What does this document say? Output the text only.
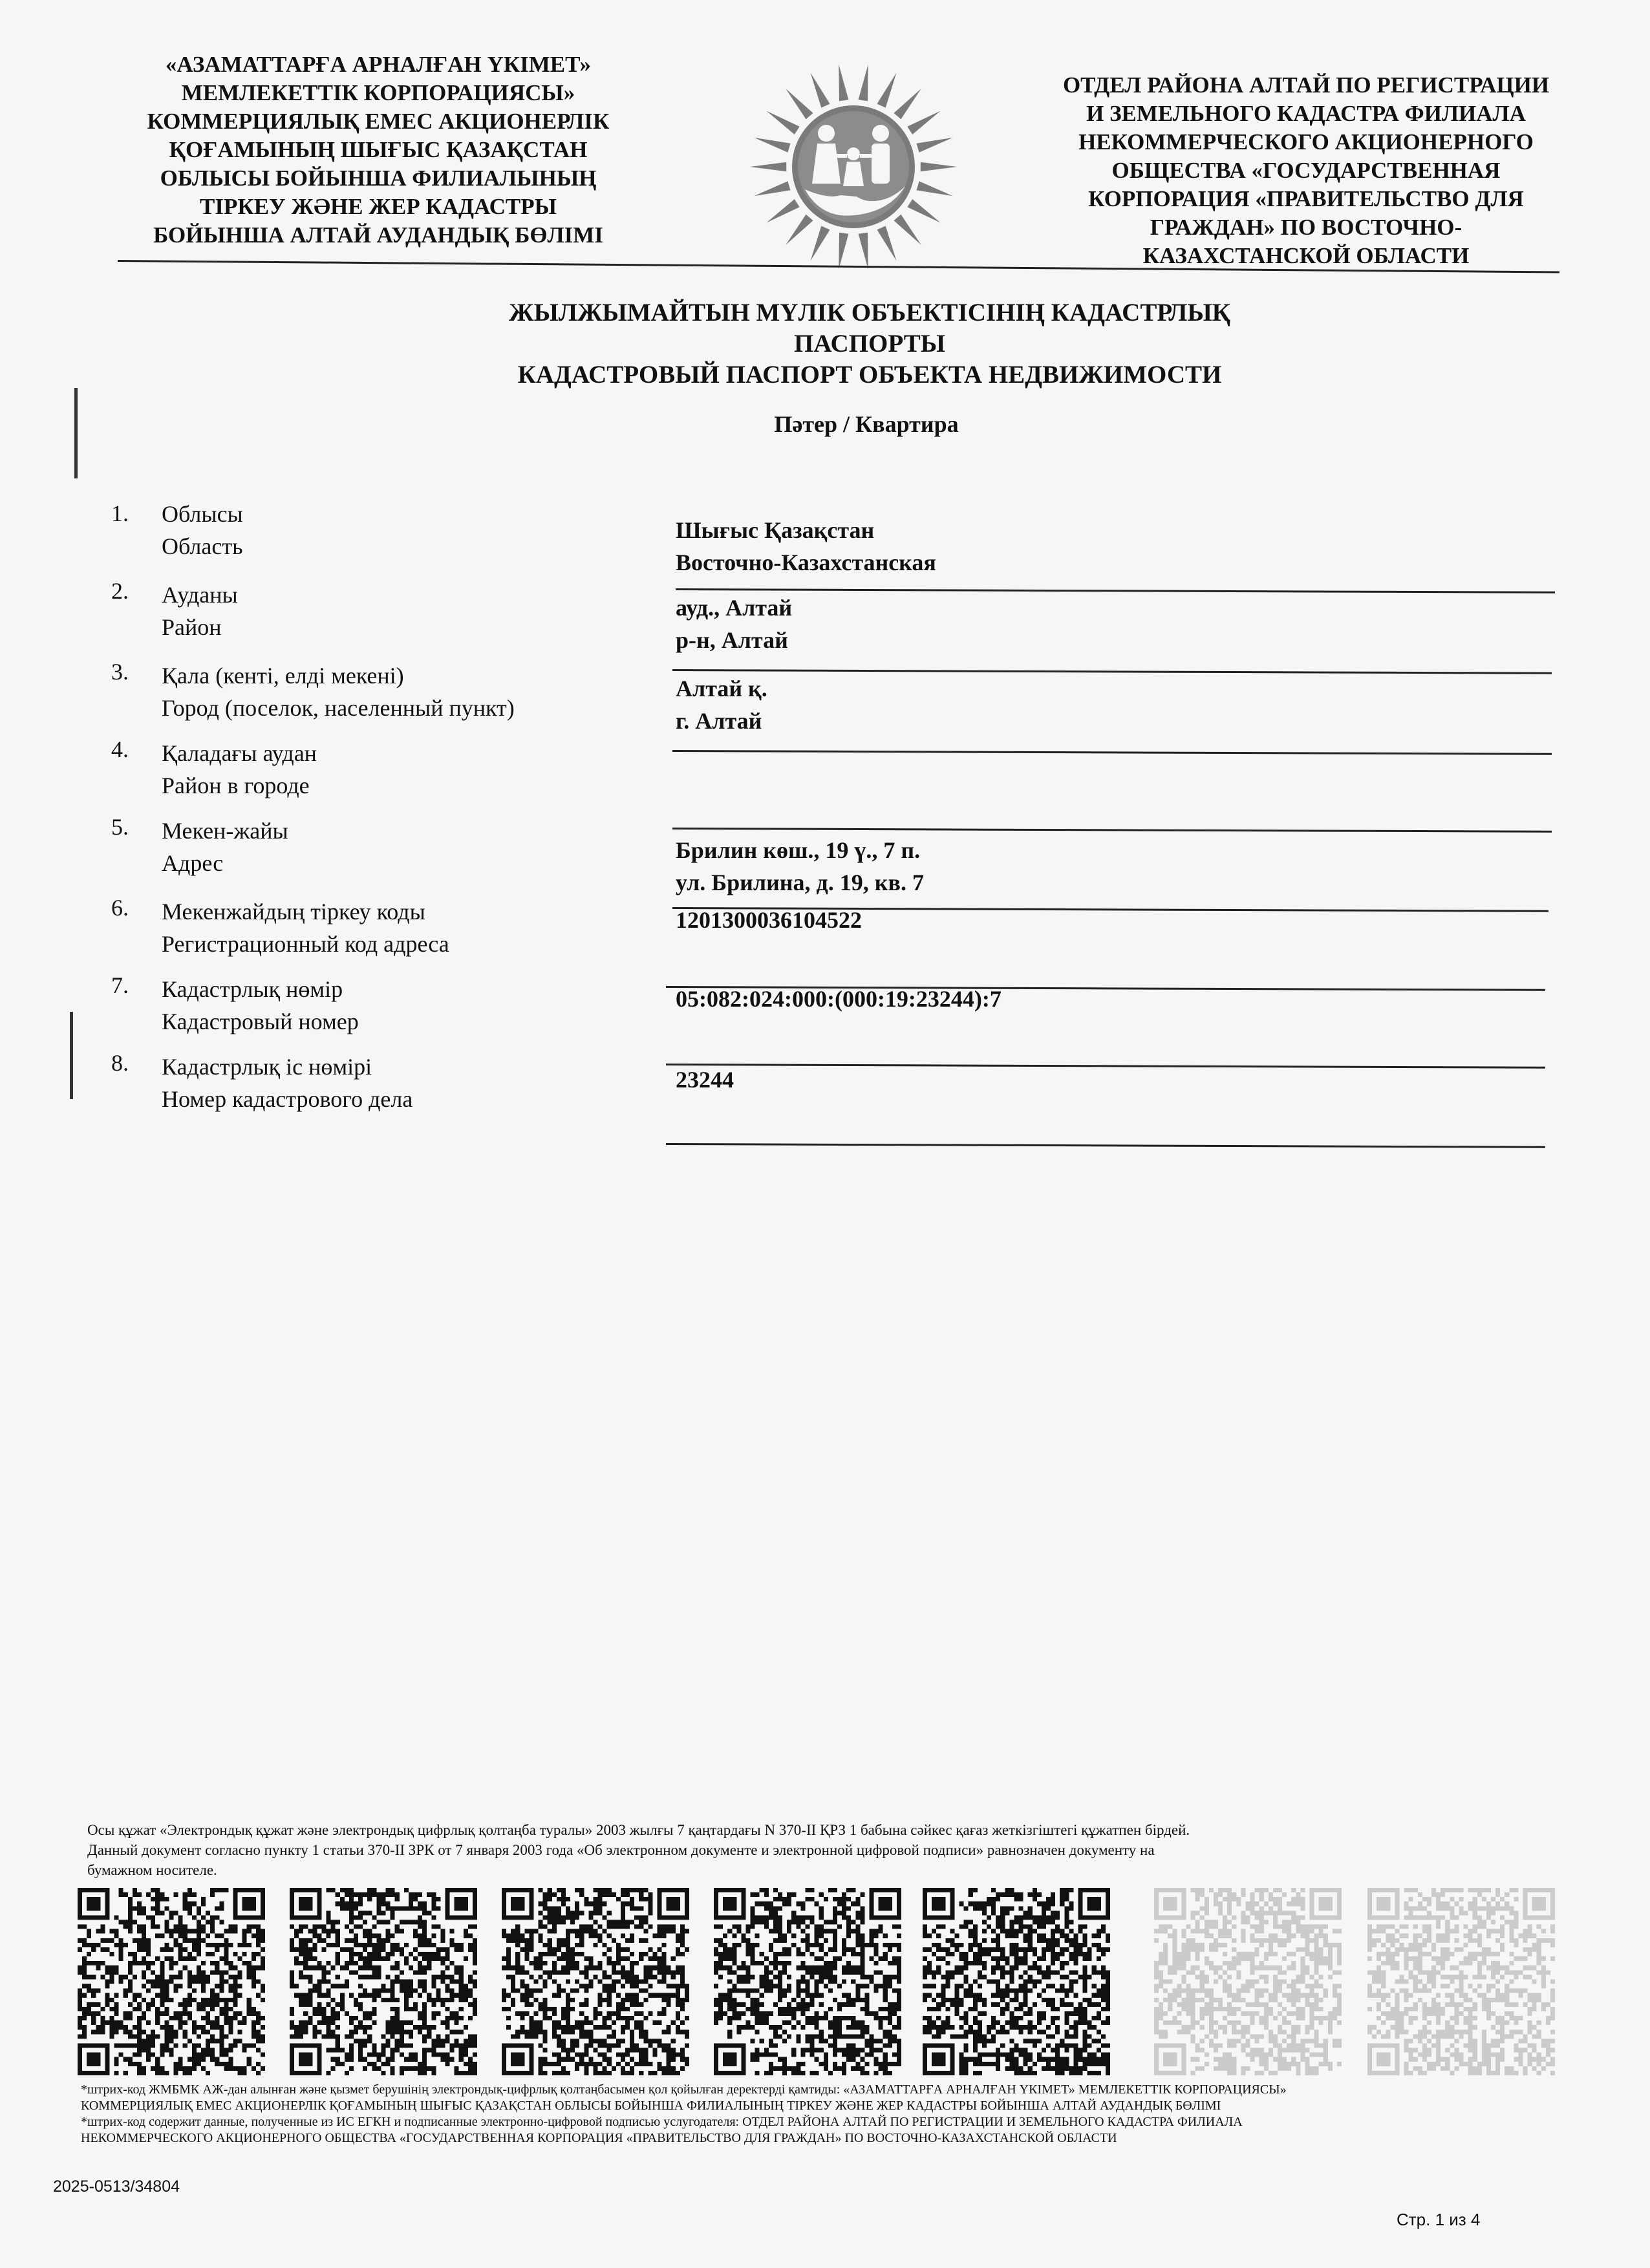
«АЗАМАТТАРҒА АРНАЛҒАН ҮКІМЕТ»
МЕМЛЕКЕТТІК КОРПОРАЦИЯСЫ»
КОММЕРЦИЯЛЫҚ ЕМЕС АКЦИОНЕРЛІК
ҚОҒАМЫНЫҢ ШЫҒЫС ҚАЗАҚСТАН
ОБЛЫСЫ БОЙЫНША ФИЛИАЛЫНЫҢ
ТІРКЕУ ЖӘНЕ ЖЕР КАДАСТРЫ
БОЙЫНША АЛТАЙ АУДАНДЫҚ БӨЛІМІ
ОТДЕЛ РАЙОНА АЛТАЙ ПО РЕГИСТРАЦИИ
И ЗЕМЕЛЬНОГО КАДАСТРА ФИЛИАЛА
НЕКОММЕРЧЕСКОГО АКЦИОНЕРНОГО
ОБЩЕСТВА «ГОСУДАРСТВЕННАЯ
КОРПОРАЦИЯ «ПРАВИТЕЛЬСТВО ДЛЯ
ГРАЖДАН» ПО ВОСТОЧНО-
КАЗАХСТАНСКОЙ ОБЛАСТИ
ЖЫЛЖЫМАЙТЫН МҮЛІК ОБЪЕКТІСІНІҢ КАДАСТРЛЫҚ
ПАСПОРТЫ
КАДАСТРОВЫЙ ПАСПОРТ ОБЪЕКТА НЕДВИЖИМОСТИ
Пәтер / Квартира
1.	Облысы
Область
Шығыс Қазақстан
Восточно-Казахстанская
2.	Ауданы
Район
ауд., Алтай
р-н, Алтай
3.	Қала (кенті, елді мекені)
Город (поселок, населенный пункт)
Алтай қ.
г. Алтай
4.	Қаладағы аудан
Район в городе
5.	Мекен-жайы
Адрес	Брилин көш., 19 ү., 7 п.
ул. Брилина, д. 19, кв. 7
6.	Мекенжайдың тіркеу коды
Регистрационный код адреса
1201300036104522
7.	Кадастрлық нөмір
Кадастровый номер
05:082:024:000:(000:19:23244):7
8.	Кадастрлық іс нөмірі
Номер кадастрового дела
23244
Осы құжат «Электрондық құжат және электрондық цифрлық қолтаңба туралы» 2003 жылғы 7 қаңтардағы N 370-II ҚРЗ 1 бабына сәйкес қағаз жеткізгіштегі құжатпен бірдей.
Данный документ согласно пункту 1 статьи 370-II ЗРК от 7 января 2003 года «Об электронном документе и электронной цифровой подписи» равнозначен документу на
бумажном носителе.
*штрих-код ЖМБМК АЖ-дан алынған және қызмет берушінің электрондық-цифрлық қолтаңбасымен қол қойылған деректерді қамтиды: «АЗАМАТТАРҒА АРНАЛҒАН ҮКІМЕТ» МЕМЛЕКЕТТІК КОРПОРАЦИЯСЫ»
КОММЕРЦИЯЛЫҚ ЕМЕС АКЦИОНЕРЛІК ҚОҒАМЫНЫҢ ШЫҒЫС ҚАЗАҚСТАН ОБЛЫСЫ БОЙЫНША ФИЛИАЛЫНЫҢ ТІРКЕУ ЖӘНЕ ЖЕР КАДАСТРЫ БОЙЫНША АЛТАЙ АУДАНДЫҚ БӨЛІМІ
*штрих-код содержит данные, полученные из ИС ЕГКН и подписанные электронно-цифровой подписью услугодателя: ОТДЕЛ РАЙОНА АЛТАЙ ПО РЕГИСТРАЦИИ И ЗЕМЕЛЬНОГО КАДАСТРА ФИЛИАЛА
НЕКОММЕРЧЕСКОГО АКЦИОНЕРНОГО ОБЩЕСТВА «ГОСУДАРСТВЕННАЯ КОРПОРАЦИЯ «ПРАВИТЕЛЬСТВО ДЛЯ ГРАЖДАН» ПО ВОСТОЧНО-КАЗАХСТАНСКОЙ ОБЛАСТИ
2025-0513/34804
Стр. 1 из 4
